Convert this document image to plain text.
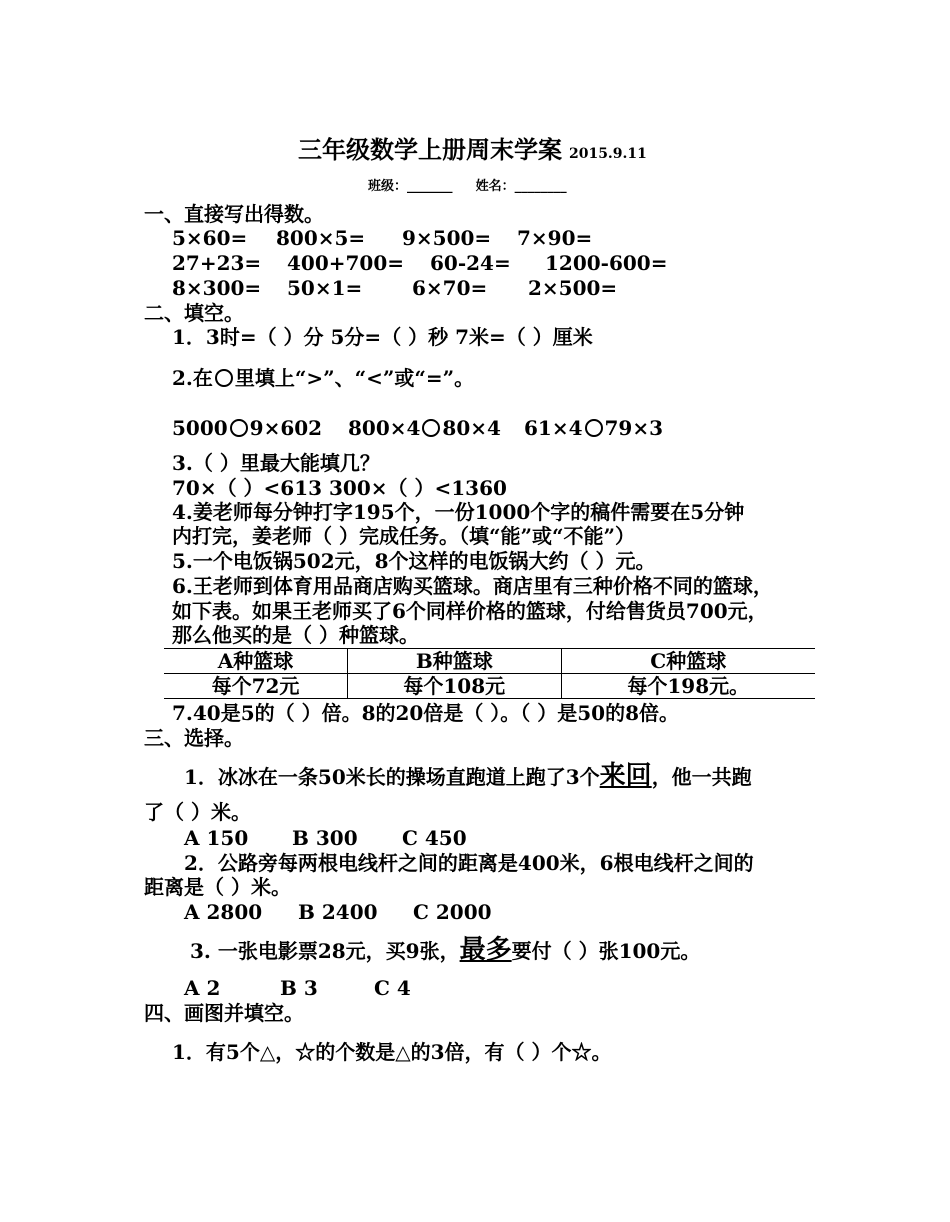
三年级数学上册周末学案 2015.9.11
班级：_______ 姓名：________
一、直接写出得数。
5×60= 800×5= 9×500= 7×90=
27+23= 400+700= 60-24= 1200-600=
8×300= 50×1= 6×70= 2×500=
二、填空。
1．3时=（ ）分 5分=（ ）秒 7米=（ ）厘米
2.在 里填上“>”、“<”或“=”。
5000 9×602 800×4 80×4 61×4 79×3
3.（ ）里最大能填几？
70×（ ）<613 300×（ ）<1360
4.姜老师每分钟打字195个，一份1000个字的稿件需要在5分钟
内打完，姜老师（ ）完成任务。（填“能”或“不能”）
5.一个电饭锅502元，8个这样的电饭锅大约（ ）元。
6.王老师到体育用品商店购买篮球。商店里有三种价格不同的篮球，
如下表。如果王老师买了6个同样价格的篮球，付给售货员700元，
那么他买的是（ ）种篮球。
A种篮球	B种篮球	C种篮球
每个72元	每个108元	每个198元。
7.40是5的（ ）倍。8的20倍是（ ）。（ ）是50的8倍。
三、选择。
1．冰冰在一条50米长的操场直跑道上跑了3个来回，他一共跑
了（ ）米。
A 150 B 300 C 450
2．公路旁每两根电线杆之间的距离是400米，6根电线杆之间的
距离是（ ）米。
A 2800 B 2400 C 2000
3. 一张电影票28元，买9张，最多要付（ ）张100元。
A 2	B 3	C 4
四、画图并填空。
1．有5个△，☆的个数是△的3倍，有（ ）个☆。
